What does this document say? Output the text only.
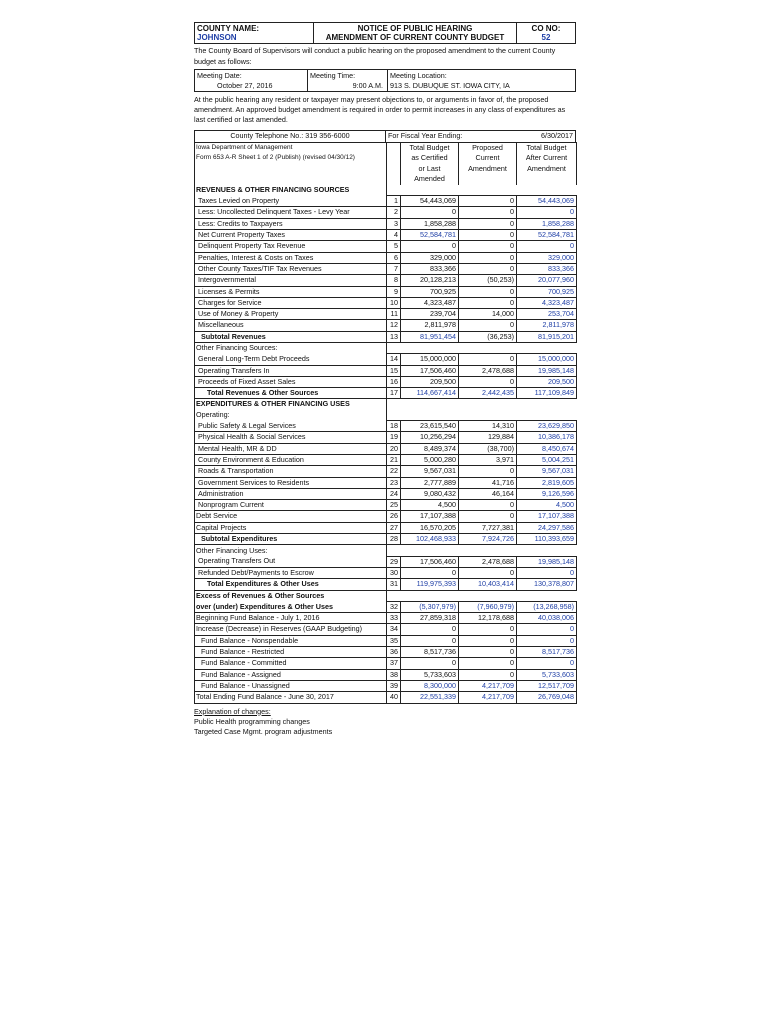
COUNTY NAME:
JOHNSON
NOTICE OF PUBLIC HEARING
AMENDMENT OF CURRENT COUNTY BUDGET
CO NO:
52
The County Board of Supervisors will conduct a public hearing on the proposed amendment to the current County budget as follows:
Meeting Date:
October 27, 2016
Meeting Time:
9:00 A.M.
Meeting Location:
913 S. DUBUQUE ST. IOWA CITY, IA
At the public hearing any resident or taxpayer may present objections to, or arguments in favor of, the proposed amendment. An approved budget amendment is required in order to permit increases in any class of expenditures as last certified or last amended.
County Telephone No.: 319 356-6000	For Fiscal Year Ending:	6/30/2017
Iowa Department of Management		Total Budget	Proposed	Total Budget
Form 653 A-R Sheet 1 of 2 (Publish) (revised 04/30/12)		as Certified	Current	After Current
		or Last	Amendment	Amendment
		Amended		
REVENUES & OTHER FINANCING SOURCES				
Taxes Levied on Property	1	54,443,069	0	54,443,069
Less: Uncollected Delinquent Taxes - Levy Year	2	0	0	0
Less: Credits to Taxpayers	3	1,858,288	0	1,858,288
Net Current Property Taxes	4	52,584,781	0	52,584,781
Delinquent Property Tax Revenue	5	0	0	0
Penalties, Interest & Costs on Taxes	6	329,000	0	329,000
Other County Taxes/TIF Tax Revenues	7	833,366	0	833,366
Intergovernmental	8	20,128,213	(50,253)	20,077,960
Licenses & Permits	9	700,925	0	700,925
Charges for Service	10	4,323,487	0	4,323,487
Use of Money & Property	11	239,704	14,000	253,704
Miscellaneous	12	2,811,978	0	2,811,978
Subtotal Revenues	13	81,951,454	(36,253)	81,915,201
Other Financing Sources:				
General Long-Term Debt Proceeds	14	15,000,000	0	15,000,000
Operating Transfers In	15	17,506,460	2,478,688	19,985,148
Proceeds of Fixed Asset Sales	16	209,500	0	209,500
Total Revenues & Other Sources	17	114,667,414	2,442,435	117,109,849
EXPENDITURES & OTHER FINANCING USES				
Operating:				
Public Safety & Legal Services	18	23,615,540	14,310	23,629,850
Physical Health & Social Services	19	10,256,294	129,884	10,386,178
Mental Health, MR & DD	20	8,489,374	(38,700)	8,450,674
County Environment & Education	21	5,000,280	3,971	5,004,251
Roads & Transportation	22	9,567,031	0	9,567,031
Government Services to Residents	23	2,777,889	41,716	2,819,605
Administration	24	9,080,432	46,164	9,126,596
Nonprogram Current	25	4,500	0	4,500
Debt Service	26	17,107,388	0	17,107,388
Capital Projects	27	16,570,205	7,727,381	24,297,586
Subtotal Expenditures	28	102,468,933	7,924,726	110,393,659
Other Financing Uses:				
Operating Transfers Out	29	17,506,460	2,478,688	19,985,148
Refunded Debt/Payments to Escrow	30	0	0	0
Total Expenditures & Other Uses	31	119,975,393	10,403,414	130,378,807
Excess of Revenues & Other Sources				
over (under) Expenditures & Other Uses	32	(5,307,979)	(7,960,979)	(13,268,958)
Beginning Fund Balance - July 1, 2016	33	27,859,318	12,178,688	40,038,006
Increase (Decrease) in Reserves (GAAP Budgeting)	34	0	0	0
Fund Balance - Nonspendable	35	0	0	0
Fund Balance - Restricted	36	8,517,736	0	8,517,736
Fund Balance - Committed	37	0	0	0
Fund Balance - Assigned	38	5,733,603	0	5,733,603
Fund Balance - Unassigned	39	8,300,000	4,217,709	12,517,709
Total Ending Fund Balance - June 30, 2017	40	22,551,339	4,217,709	26,769,048
Explanation of changes:
Public Health programming changes
Targeted Case Mgmt. program adjustments
